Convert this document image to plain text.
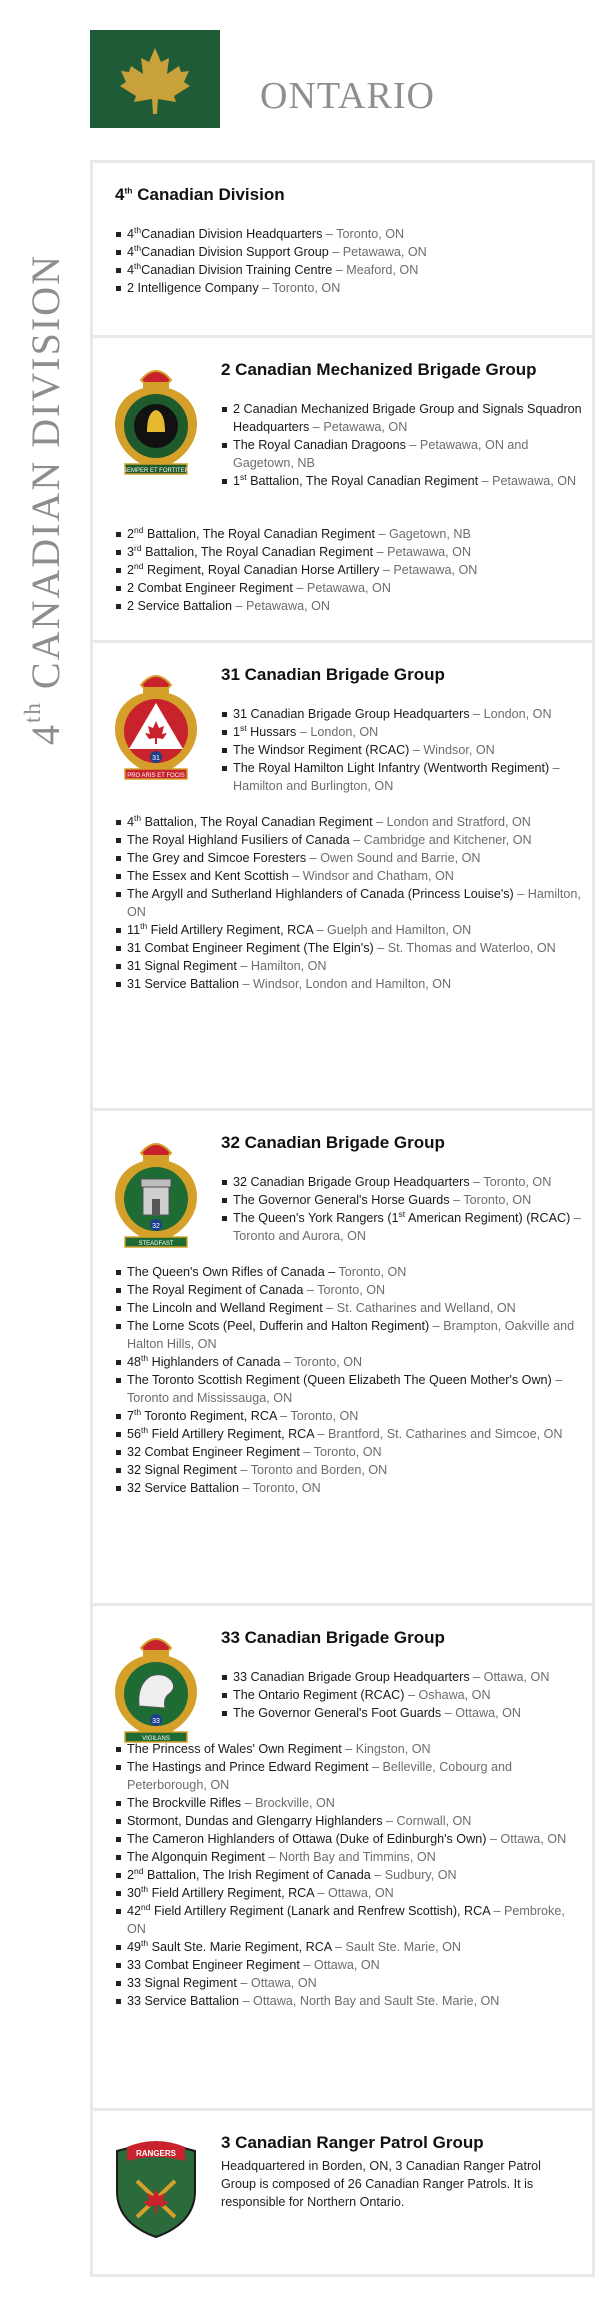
ONTARIO
4th CANADIAN DIVISION
4th Canadian Division
4thCanadian Division Headquarters – Toronto, ON
4thCanadian Division Support Group – Petawawa, ON
4thCanadian Division Training Centre – Meaford, ON
2 Intelligence Company – Toronto, ON
SEMPER ET FORTITER
2 Canadian Mechanized Brigade Group
2 Canadian Mechanized Brigade Group and Signals Squadron Headquarters – Petawawa, ON
The Royal Canadian Dragoons – Petawawa, ON and Gagetown, NB
1st Battalion, The Royal Canadian Regiment – Petawawa, ON
2nd Battalion, The Royal Canadian Regiment – Gagetown, NB
3rd Battalion, The Royal Canadian Regiment – Petawawa, ON
2nd Regiment, Royal Canadian Horse Artillery – Petawawa, ON
2 Combat Engineer Regiment – Petawawa, ON
2 Service Battalion – Petawawa, ON
31
PRO ARIS ET FOCIS
31 Canadian Brigade Group
31 Canadian Brigade Group Headquarters – London, ON
1st Hussars – London, ON
The Windsor Regiment (RCAC) – Windsor, ON
The Royal Hamilton Light Infantry (Wentworth Regiment) – Hamilton and Burlington, ON
4th Battalion, The Royal Canadian Regiment – London and Stratford, ON
The Royal Highland Fusiliers of Canada – Cambridge and Kitchener, ON
The Grey and Simcoe Foresters – Owen Sound and Barrie, ON
The Essex and Kent Scottish – Windsor and Chatham, ON
The Argyll and Sutherland Highlanders of Canada (Princess Louise's) – Hamilton, ON
11th Field Artillery Regiment, RCA – Guelph and Hamilton, ON
31 Combat Engineer Regiment (The Elgin's) – St. Thomas and Waterloo, ON
31 Signal Regiment – Hamilton, ON
31 Service Battalion – Windsor, London and Hamilton, ON
32
STEADFAST
32 Canadian Brigade Group
32 Canadian Brigade Group Headquarters – Toronto, ON
The Governor General's Horse Guards – Toronto, ON
The Queen's York Rangers (1st American Regiment) (RCAC) – Toronto and Aurora, ON
The Queen's Own Rifles of Canada – Toronto, ON
The Royal Regiment of Canada – Toronto, ON
The Lincoln and Welland Regiment – St. Catharines and Welland, ON
The Lorne Scots (Peel, Dufferin and Halton Regiment) – Brampton, Oakville and Halton Hills, ON
48th Highlanders of Canada – Toronto, ON
The Toronto Scottish Regiment (Queen Elizabeth The Queen Mother's Own) – Toronto and Mississauga, ON
7th Toronto Regiment, RCA – Toronto, ON
56th Field Artillery Regiment, RCA – Brantford, St. Catharines and Simcoe, ON
32 Combat Engineer Regiment – Toronto, ON
32 Signal Regiment – Toronto and Borden, ON
32 Service Battalion – Toronto, ON
33
VIGILANS
33 Canadian Brigade Group
33 Canadian Brigade Group Headquarters – Ottawa, ON
The Ontario Regiment (RCAC) – Oshawa, ON
The Governor General's Foot Guards – Ottawa, ON
The Princess of Wales' Own Regiment – Kingston, ON
The Hastings and Prince Edward Regiment – Belleville, Cobourg and Peterborough, ON
The Brockville Rifles – Brockville, ON
Stormont, Dundas and Glengarry Highlanders – Cornwall, ON
The Cameron Highlanders of Ottawa (Duke of Edinburgh's Own) – Ottawa, ON
The Algonquin Regiment – North Bay and Timmins, ON
2nd Battalion, The Irish Regiment of Canada – Sudbury, ON
30th Field Artillery Regiment, RCA – Ottawa, ON
42nd Field Artillery Regiment (Lanark and Renfrew Scottish), RCA – Pembroke, ON
49th Sault Ste. Marie Regiment, RCA – Sault Ste. Marie, ON
33 Combat Engineer Regiment – Ottawa, ON
33 Signal Regiment – Ottawa, ON
33 Service Battalion – Ottawa, North Bay and Sault Ste. Marie, ON
RANGERS
3 Canadian Ranger Patrol Group

Headquartered in Borden, ON, 3 Canadian Ranger Patrol Group is composed of 26 Canadian Ranger Patrols. It is responsible for Northern Ontario.
